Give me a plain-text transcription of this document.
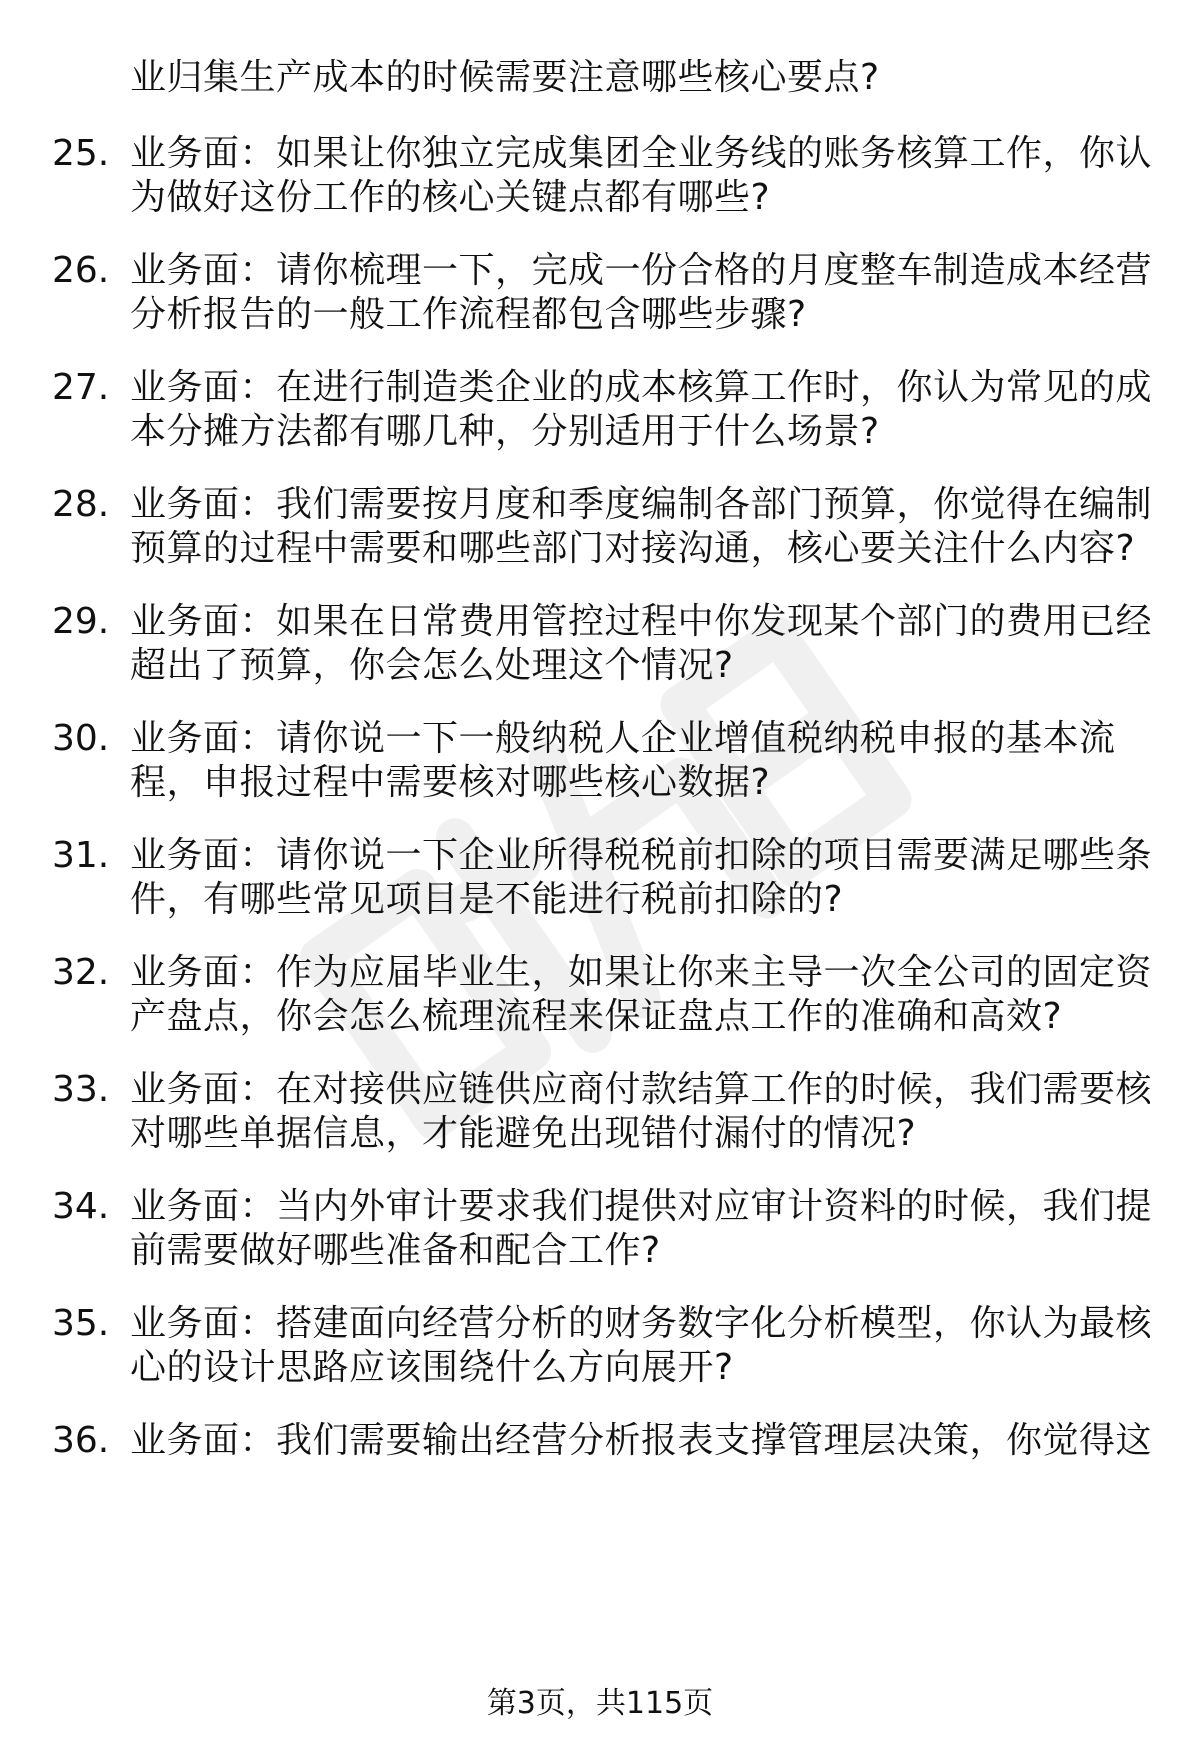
业归集生产成本的时候需要注意哪些核心要点?
25. 业务面：如果让你独立完成集团全业务线的账务核算工作，你认
为做好这份工作的核心关键点都有哪些?
26. 业务面：请你梳理一下，完成一份合格的月度整车制造成本经营
分析报告的一般工作流程都包含哪些步骤?
27. 业务面：在进行制造类企业的成本核算工作时，你认为常见的成
本分摊方法都有哪几种，分别适用于什么场景?
28. 业务面：我们需要按月度和季度编制各部门预算，你觉得在编制
预算的过程中需要和哪些部门对接沟通，核心要关注什么内容?
29. 业务面：如果在日常费用管控过程中你发现某个部门的费用已经
超出了预算，你会怎么处理这个情况?
30. 业务面：请你说一下一般纳税人企业增值税纳税申报的基本流
程，申报过程中需要核对哪些核心数据?
31. 业务面：请你说一下企业所得税税前扣除的项目需要满足哪些条
件，有哪些常见项目是不能进行税前扣除的?
32. 业务面：作为应届毕业生，如果让你来主导一次全公司的固定资
产盘点，你会怎么梳理流程来保证盘点工作的准确和高效?
33. 业务面：在对接供应链供应商付款结算工作的时候，我们需要核
对哪些单据信息，才能避免出现错付漏付的情况?
34. 业务面：当内外审计要求我们提供对应审计资料的时候，我们提
前需要做好哪些准备和配合工作?
35. 业务面：搭建面向经营分析的财务数字化分析模型，你认为最核
心的设计思路应该围绕什么方向展开?
36. 业务面：我们需要输出经营分析报表支撑管理层决策，你觉得这
第3页，共115页
